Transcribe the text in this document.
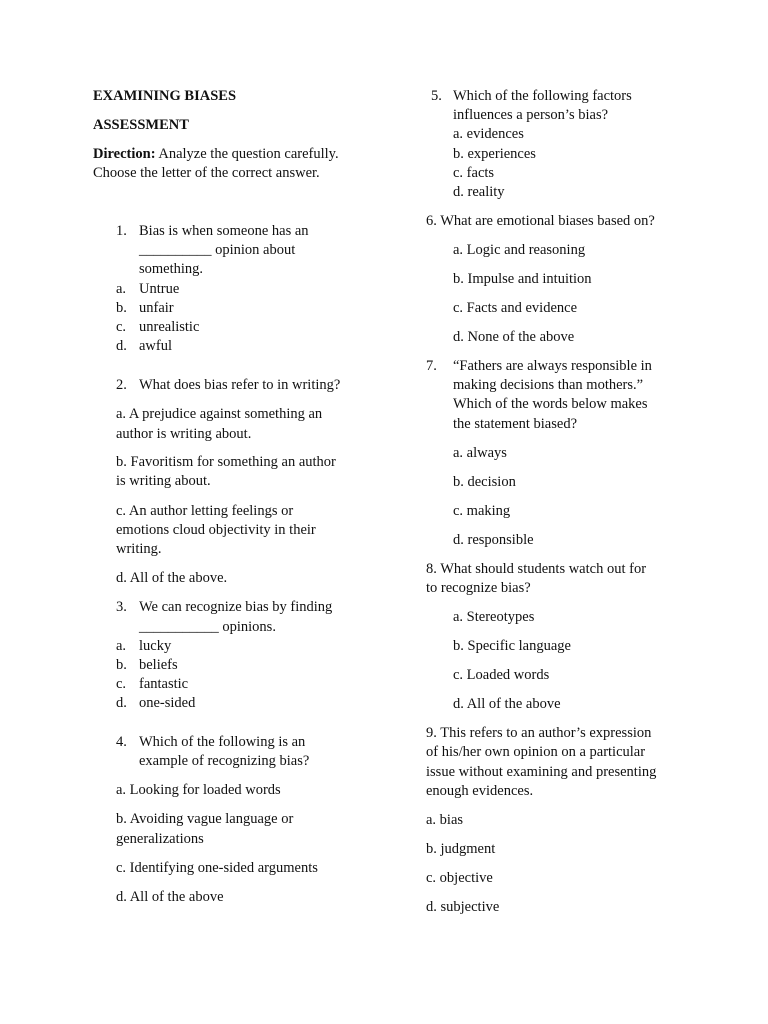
EXAMINING BIASES
ASSESSMENT
Direction: Analyze the question carefully.
Choose the letter of the correct answer.
1. Bias is when someone has an
__________ opinion about
something.
a. Untrue
b. unfair
c. unrealistic
d. awful
2. What does bias refer to in writing?
a. A prejudice against something an
author is writing about.
b. Favoritism for something an author
is writing about.
c. An author letting feelings or
emotions cloud objectivity in their
writing.
d. All of the above.
3. We can recognize bias by finding
___________ opinions.
a. lucky
b. beliefs
c. fantastic
d. one-sided
4. Which of the following is an
example of recognizing bias?
a. Looking for loaded words
b. Avoiding vague language or
generalizations
c. Identifying one-sided arguments
d. All of the above
5. Which of the following factors
influences a person’s bias?
a. evidences
b. experiences
c. facts
d. reality
6. What are emotional biases based on?
a. Logic and reasoning
b. Impulse and intuition
c. Facts and evidence
d. None of the above
7. “Fathers are always responsible in
making decisions than mothers.”
Which of the words below makes
the statement biased?
a. always
b. decision
c. making
d. responsible
8. What should students watch out for
to recognize bias?
a. Stereotypes
b. Specific language
c. Loaded words
d. All of the above
9. This refers to an author’s expression
of his/her own opinion on a particular
issue without examining and presenting
enough evidences.
a. bias
b. judgment
c. objective
d. subjective
